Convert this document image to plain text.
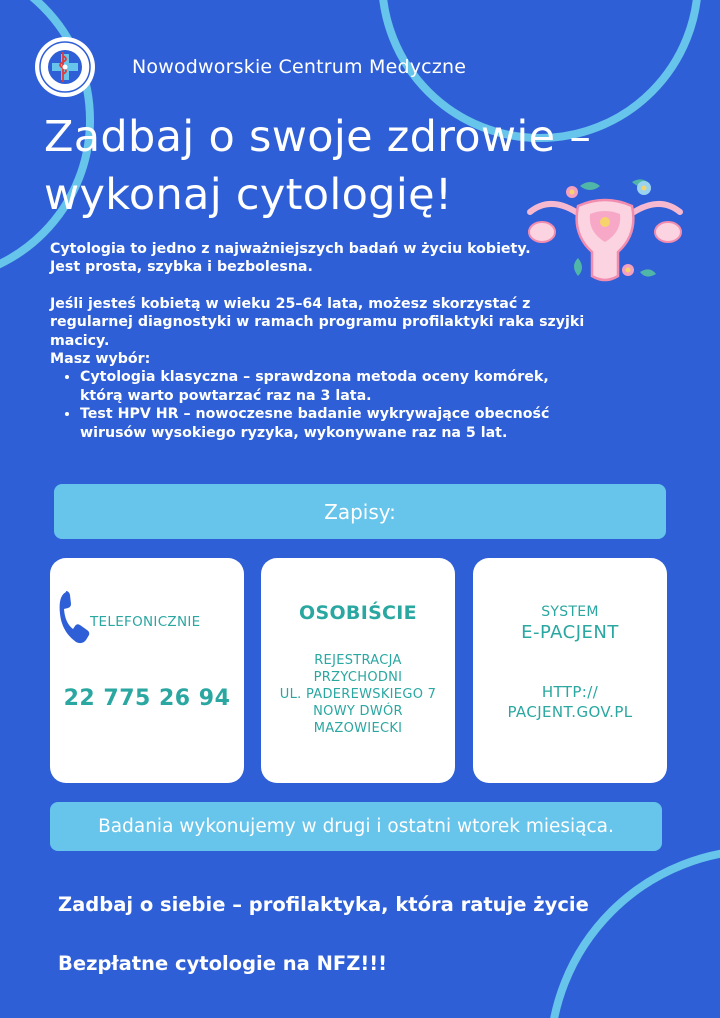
Nowodworskie Centrum Medyczne
Zadbaj o swoje zdrowie –
wykonaj cytologię!

Cytologia to jedno z najważniejszych badań w życiu kobiety.

Jest prosta, szybka i bezbolesna.

Jeśli jesteś kobietą w wieku 25–64 lata, możesz skorzystać z

regularnej diagnostyki w ramach programu profilaktyki raka szyjki

macicy.

Masz wybór:

• Cytologia klasyczna – sprawdzona metoda oceny komórek,
którą warto powtarzać raz na 3 lata.
• Test HPV HR – nowoczesne badanie wykrywające obecność
wirusów wysokiego ryzyka, wykonywane raz na 5 lat.
Zapisy:
TELEFONICZNIE
22 775 26 94
OSOBIŚCIE
REJESTRACJA
PRZYCHODNI
UL. PADEREWSKIEGO 7
NOWY DWÓR
MAZOWIECKI
SYSTEM
E-PACJENT
HTTP://
PACJENT.GOV.PL
Badania wykonujemy w drugi i ostatni wtorek miesiąca.
Zadbaj o siebie – profilaktyka, która ratuje życie
Bezpłatne cytologie na NFZ!!!
